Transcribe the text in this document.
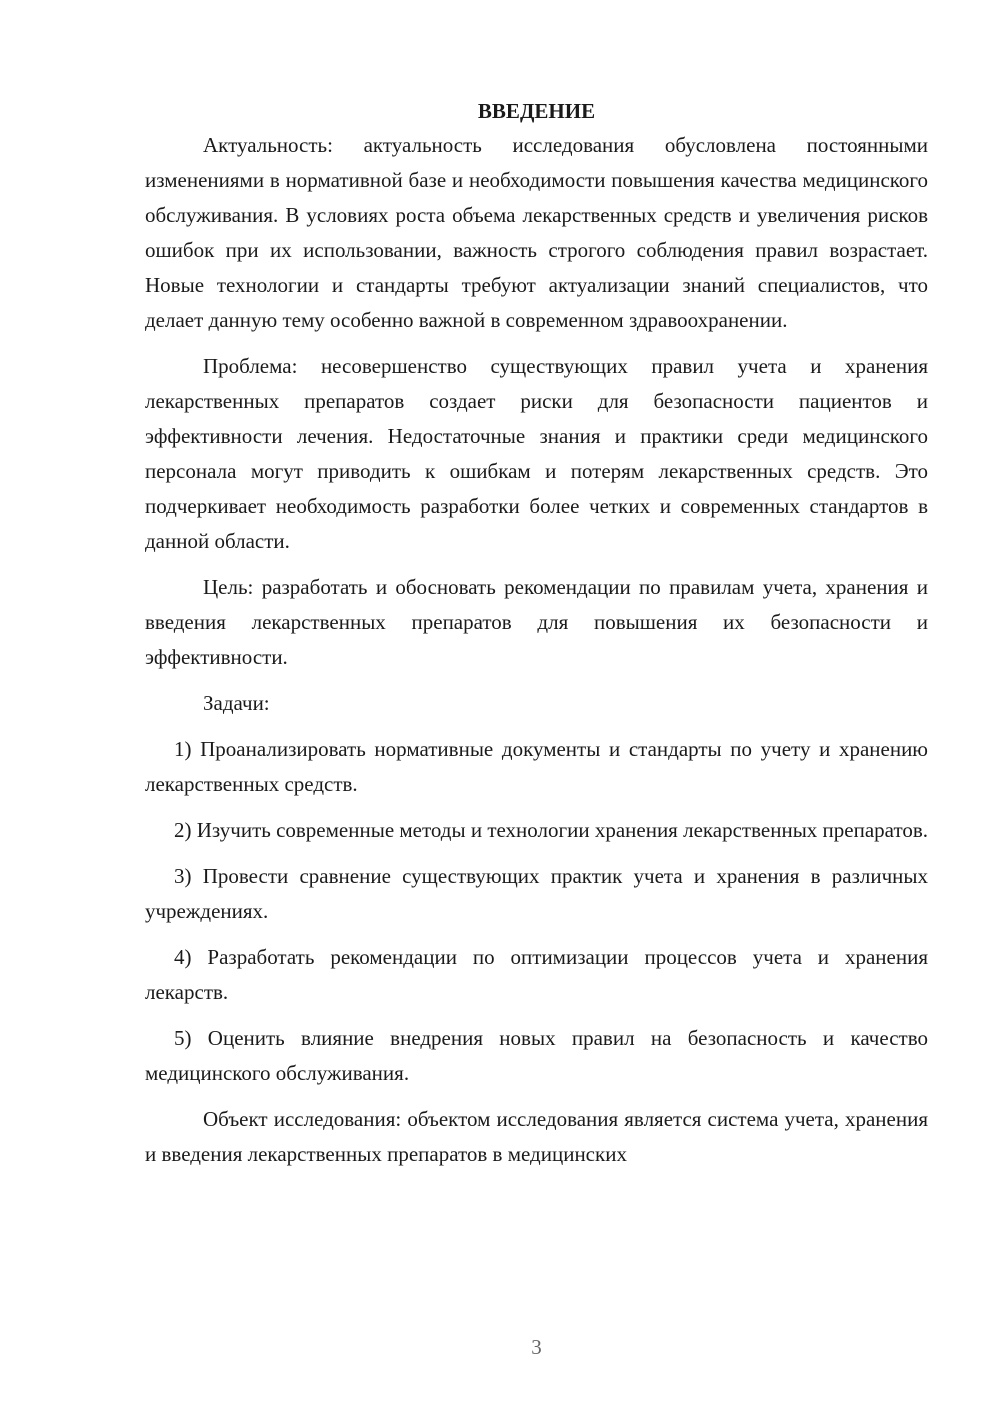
ВВЕДЕНИЕ

Актуальность: актуальность исследования обусловлена постоянными изменениями в нормативной базе и необходимости повышения качества медицинского обслуживания. В условиях роста объема лекарственных средств и увеличения рисков ошибок при их использовании, важность строгого соблюдения правил возрастает. Новые технологии и стандарты требуют актуализации знаний специалистов, что делает данную тему особенно важной в современном здравоохранении.

Проблема: несовершенство существующих правил учета и хранения лекарственных препаратов создает риски для безопасности пациентов и эффективности лечения. Недостаточные знания и практики среди медицинского персонала могут приводить к ошибкам и потерям лекарственных средств. Это подчеркивает необходимость разработки более четких и современных стандартов в данной области.

Цель: разработать и обосновать рекомендации по правилам учета, хранения и введения лекарственных препаратов для повышения их безопасности и эффективности.

Задачи:

1) Проанализировать нормативные документы и стандарты по учету и хранению лекарственных средств.

2) Изучить современные методы и технологии хранения лекарственных препаратов.

3) Провести сравнение существующих практик учета и хранения в различных учреждениях.

4) Разработать рекомендации по оптимизации процессов учета и хранения лекарств.

5) Оценить влияние внедрения новых правил на безопасность и качество медицинского обслуживания.

Объект исследования: объектом исследования является система учета, хранения и введения лекарственных препаратов в медицинских

3
